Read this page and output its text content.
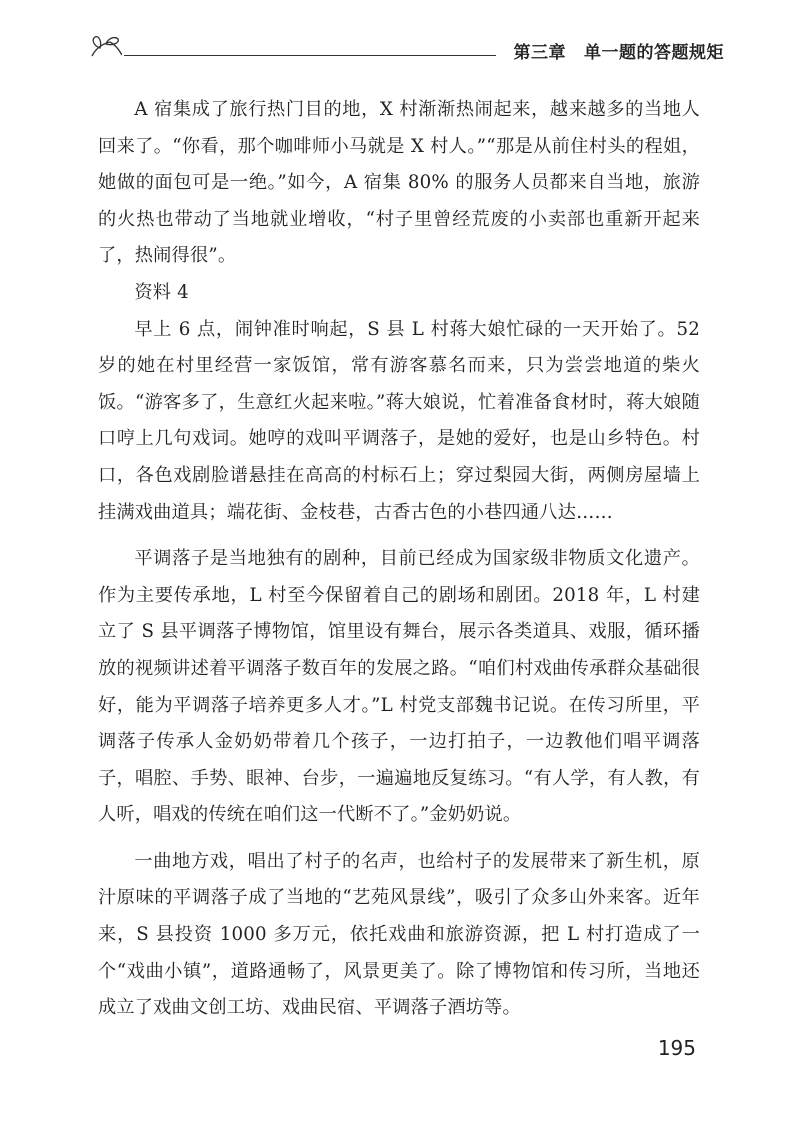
第三章 单一题的答题规矩

A 宿集成了旅行热门目的地，X 村渐渐热闹起来，越来越多的当地人回来了。“你看，那个咖啡师小马就是 X 村人。”“那是从前住村头的程姐，她做的面包可是一绝。”如今，A 宿集 80% 的服务人员都来自当地，旅游的火热也带动了当地就业增收，“村子里曾经荒废的小卖部也重新开起来了，热闹得很”。

资料 4

早上 6 点，闹钟准时响起，S 县 L 村蒋大娘忙碌的一天开始了。52 岁的她在村里经营一家饭馆，常有游客慕名而来，只为尝尝地道的柴火饭。“游客多了，生意红火起来啦。”蒋大娘说，忙着准备食材时，蒋大娘随口哼上几句戏词。她哼的戏叫平调落子，是她的爱好，也是山乡特色。村口，各色戏剧脸谱悬挂在高高的村标石上；穿过梨园大街，两侧房屋墙上挂满戏曲道具；端花街、金枝巷，古香古色的小巷四通八达……

平调落子是当地独有的剧种，目前已经成为国家级非物质文化遗产。作为主要传承地，L 村至今保留着自己的剧场和剧团。2018 年，L 村建立了 S 县平调落子博物馆，馆里设有舞台，展示各类道具、戏服，循环播放的视频讲述着平调落子数百年的发展之路。“咱们村戏曲传承群众基础很好，能为平调落子培养更多人才。”L 村党支部魏书记说。在传习所里，平调落子传承人金奶奶带着几个孩子，一边打拍子，一边教他们唱平调落子，唱腔、手势、眼神、台步，一遍遍地反复练习。“有人学，有人教，有人听，唱戏的传统在咱们这一代断不了。”金奶奶说。

一曲地方戏，唱出了村子的名声，也给村子的发展带来了新生机，原汁原味的平调落子成了当地的“艺苑风景线”，吸引了众多山外来客。近年来，S 县投资 1000 多万元，依托戏曲和旅游资源，把 L 村打造成了一个“戏曲小镇”，道路通畅了，风景更美了。除了博物馆和传习所，当地还成立了戏曲文创工坊、戏曲民宿、平调落子酒坊等。

195
